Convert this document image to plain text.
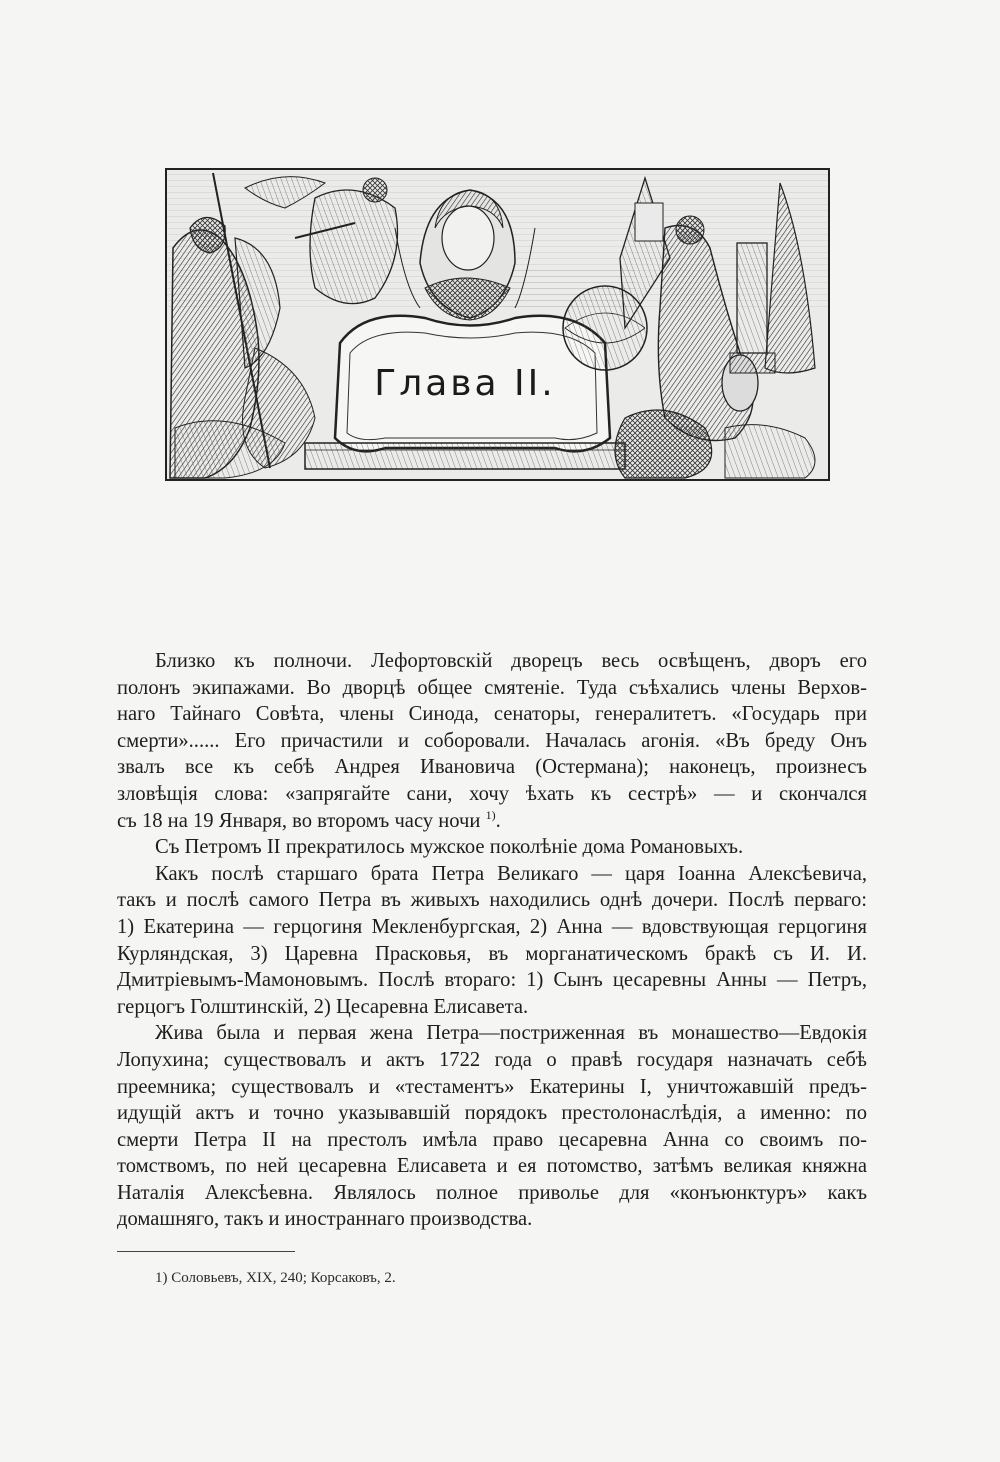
Глава II.
Близко къ полночи. Лефортовскій дворецъ весь освѣщенъ, дворъ его
полонъ экипажами. Во дворцѣ общее смятеніе. Туда съѣхались члены Верхов-
наго Тайнаго Совѣта, члены Синода, сенаторы, генералитетъ. «Государь при
смерти»...... Его причастили и соборовали. Началась агонія. «Въ бреду Онъ
звалъ все къ себѣ Андрея Ивановича (Остермана); наконецъ, произнесъ
зловѣщія слова: «запрягайте сани, хочу ѣхать къ сестрѣ» — и скончался
съ 18 на 19 Января, во второмъ часу ночи $^{1)}$.
Съ Петромъ II прекратилось мужское поколѣніе дома Романовыхъ.
Какъ послѣ старшаго брата Петра Великаго — царя Іоанна Алексѣевича,
такъ и послѣ самого Петра въ живыхъ находились однѣ дочери. Послѣ перваго:
1) Екатерина — герцогиня Мекленбургская, 2) Анна — вдовствующая герцогиня
Курляндская, 3) Царевна Прасковья, въ морганатическомъ бракѣ съ И. И.
Дмитріевымъ-Мамоновымъ. Послѣ втораго: 1) Сынъ цесаревны Анны — Петръ,
герцогъ Голштинскій, 2) Цесаревна Елисавета.
Жива была и первая жена Петра—постриженная въ монашество—Евдокія
Лопухина; существовалъ и актъ 1722 года о правѣ государя назначать себѣ
преемника; существовалъ и «тестаментъ» Екатерины I, уничтожавшій предъ-
идущій актъ и точно указывавшій порядокъ престолонаслѣдія, а именно: по
смерти Петра II на престолъ имѣла право цесаревна Анна со своимъ по-
томствомъ, по ней цесаревна Елисавета и ея потомство, затѣмъ великая княжна
Наталія Алексѣевна. Являлось полное приволье для «конъюнктуръ» какъ
домашняго, такъ и иностраннаго производства.
1) Соловьевъ, XIX, 240; Корсаковъ, 2.
